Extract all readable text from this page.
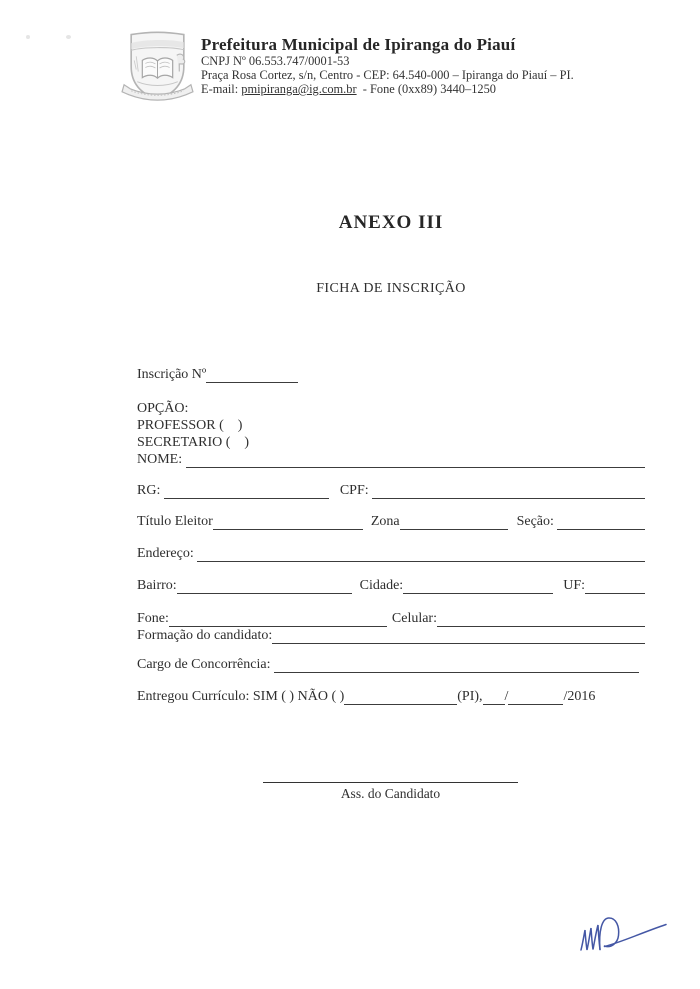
Prefeitura Municipal de Ipiranga do Piauí
CNPJ Nº 06.553.747/0001-53
Praça Rosa Cortez, s/n, Centro - CEP: 64.540-000 – Ipiranga do Piauí – PI.
E-mail: pmipiranga@ig.com.br  - Fone (0xx89) 3440–1250
ANEXO III
FICHA DE INSCRIÇÃO
Inscrição Nº
OPÇÃO:
PROFESSOR (    )
SECRETARIO (    )
NOME:
RG:	CPF:
Título Eleitor	Zona	Seção:
Endereço:
Bairro:	Cidade:	UF:
Fone:	Celular:
Formação do candidato:
Cargo de Concorrência:
Entregou Currículo: SIM ( ) NÃO ( )	(PI), /	/2016
Ass. do Candidato
